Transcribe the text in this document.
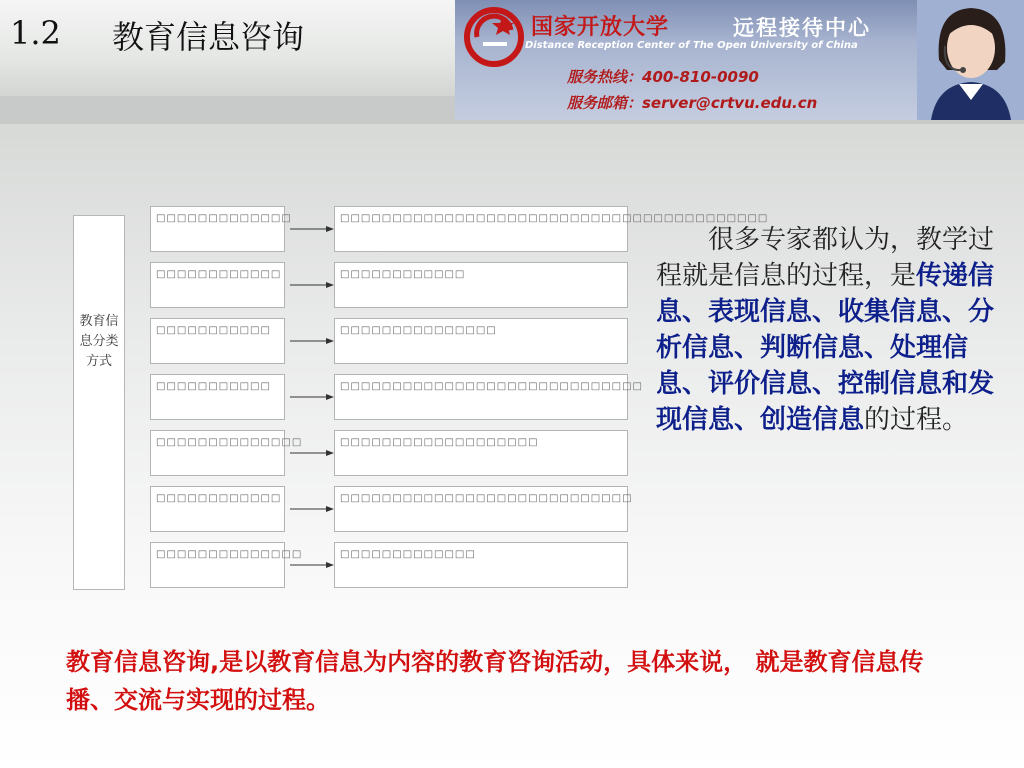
1.2 教育信息咨询	国家开放大学	远程接待中心
Distance Reception Center of The Open University of China
服务热线：400-810-0090
服务邮箱：server@crtvu.edu.cn
教育信息分类方式
□□□□□□□□□□□□□	□□□□□□□□□□□□□□□□□□□□□□□□□□□□□□□□□□□□□□□□□
□□□□□□□□□□□□	□□□□□□□□□□□□
□□□□□□□□□□□	□□□□□□□□□□□□□□□
□□□□□□□□□□□	□□□□□□□□□□□□□□□□□□□□□□□□□□□□□
□□□□□□□□□□□□□□	□□□□□□□□□□□□□□□□□□□
□□□□□□□□□□□□	□□□□□□□□□□□□□□□□□□□□□□□□□□□□
□□□□□□□□□□□□□□	□□□□□□□□□□□□□
　　很多专家都认为，教学过程就是信息的过程，是传递信息、表现信息、收集信息、分析信息、判断信息、处理信息、评价信息、控制信息和发现信息、创造信息的过程。
教育信息咨询,是以教育信息为内容的教育咨询活动，具体来说， 就是教育信息传播、交流与实现的过程。
